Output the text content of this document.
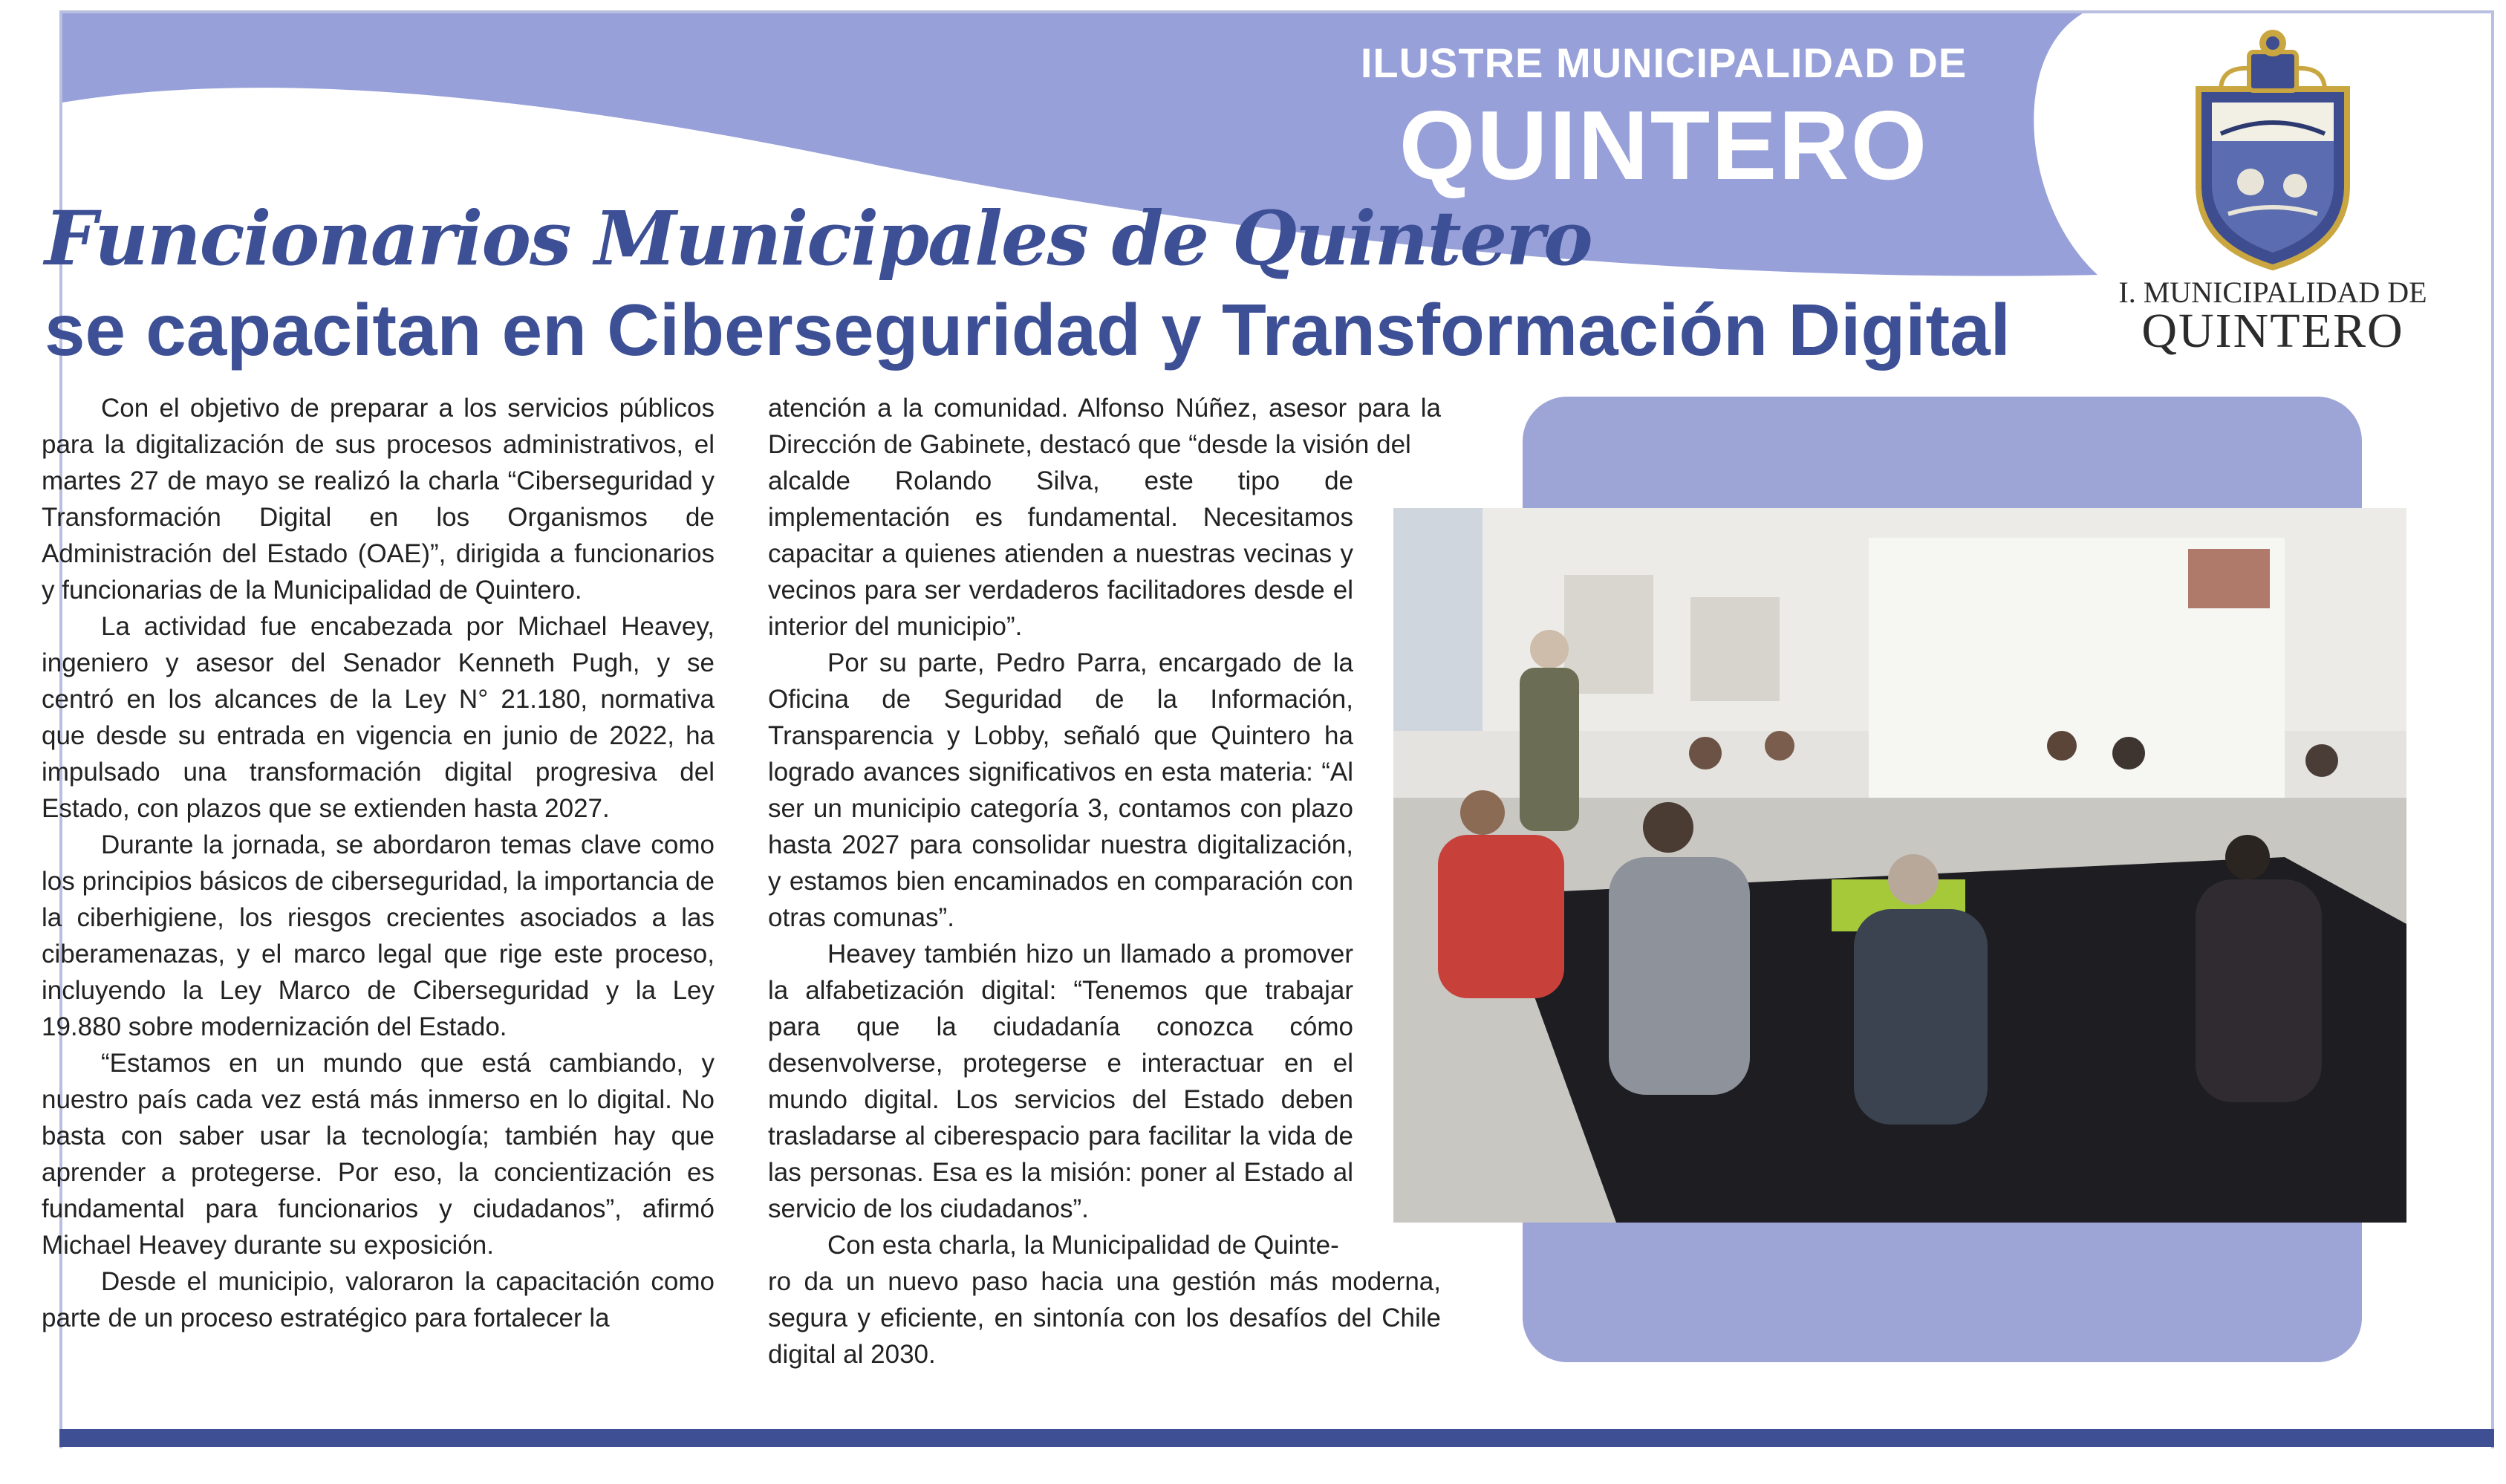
ILUSTRE MUNICIPALIDAD DE
QUINTERO
I. MUNICIPALIDAD DE
QUINTERO
Funcionarios Municipales de Quintero
se capacitan en Ciberseguridad y Transformación Digital

Con el objetivo de preparar a los servicios públicos para la digitalización de sus procesos administrativos, el martes 27 de mayo se realizó la charla “Ciberseguridad y Transformación Digital en los Organismos de Administración del Estado (OAE)”, dirigida a funcionarios y funcionarias de la Municipalidad de Quintero.

La actividad fue encabezada por Michael Heavey, ingeniero y asesor del Senador Kenneth Pugh, y se centró en los alcances de la Ley N° 21.180, normativa que desde su entrada en vigencia en junio de 2022, ha impulsado una transformación digital progresiva del Estado, con plazos que se extienden hasta 2027.

Durante la jornada, se abordaron temas clave como los principios básicos de ciberseguridad, la importancia de la ciberhigiene, los riesgos crecientes asociados a las ciberamenazas, y el marco legal que rige este proceso, incluyendo la Ley Marco de Ciberseguridad y la Ley 19.880 sobre modernización del Estado.

“Estamos en un mundo que está cambiando, y nuestro país cada vez está más inmerso en lo digital. No basta con saber usar la tecnología; también hay que aprender a protegerse. Por eso, la concientización es fundamental para funcionarios y ciudadanos”, afirmó Michael Heavey durante su exposición.

Desde el municipio, valoraron la capacitación como parte de un proceso estratégico para fortalecer la

atención a la comunidad. Alfonso Núñez, asesor para la Dirección de Gabinete, destacó que “desde la visión del

alcalde Rolando Silva, este tipo de implementación es fundamental. Necesitamos capacitar a quienes atienden a nuestras vecinas y vecinos para ser verdaderos facilitadores desde el interior del municipio”.

Por su parte, Pedro Parra, encargado de la Oficina de Seguridad de la Información, Transparencia y Lobby, señaló que Quintero ha logrado avances significativos en esta materia: “Al ser un municipio categoría 3, contamos con plazo hasta 2027 para consolidar nuestra digitalización, y estamos bien encaminados en comparación con otras comunas”.

Heavey también hizo un llamado a promover la alfabetización digital: “Tenemos que trabajar para que la ciudadanía conozca cómo desenvolverse, protegerse e interactuar en el mundo digital. Los servicios del Estado deben trasladarse al ciberespacio para facilitar la vida de las personas. Esa es la misión: poner al Estado al servicio de los ciudadanos”.

Con esta charla, la Municipalidad de Quinte-

ro da un nuevo paso hacia una gestión más moderna, segura y eficiente, en sintonía con los desafíos del Chile digital al 2030.
